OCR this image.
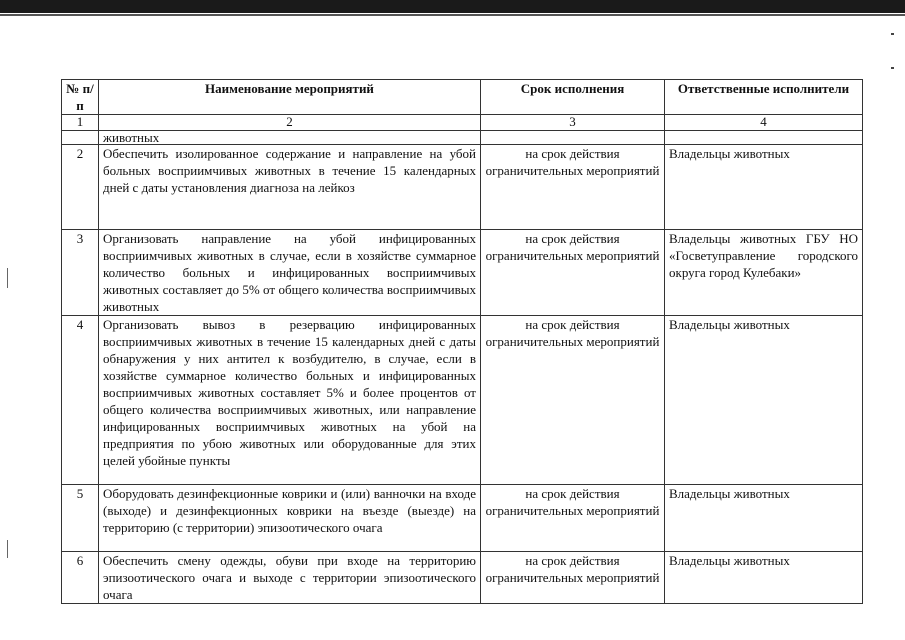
№ п/п	Наименование мероприятий	Срок исполнения	Ответственные исполнители
1	2	3	4
	животных		
2	Обеспечить изолированное содержание и направление на убой больных восприимчивых животных в течение 15 календарных дней с даты установления диагноза на лейкоз	на срок действия ограничительных мероприятий	Владельцы животных
3	Организовать направление на убой инфицированных восприимчивых животных в случае, если в хозяйстве суммарное количество больных и инфицированных восприимчивых животных составляет до 5% от общего количества восприимчивых животных	на срок действия ограничительных мероприятий	Владельцы животных ГБУ НО «Госветуправление городского округа город Кулебаки»
4	Организовать вывоз в резервацию инфицированных восприимчивых животных в течение 15 календарных дней с даты обнаружения у них антител к возбудителю, в случае, если в хозяйстве суммарное количество больных и инфицированных восприимчивых животных составляет 5% и более процентов от общего количества восприимчивых животных, или направление инфицированных восприимчивых животных на убой на предприятия по убою животных или оборудованные для этих целей убойные пункты	на срок действия ограничительных мероприятий	Владельцы животных
5	Оборудовать дезинфекционные коврики и (или) ванночки на входе (выходе) и дезинфекционных коврики на въезде (выезде) на территорию (с территории) эпизоотического очага	на срок действия ограничительных мероприятий	Владельцы животных
6	Обеспечить смену одежды, обуви при входе на территорию эпизоотического очага и выходе с территории эпизоотического очага	на срок действия ограничительных мероприятий	Владельцы животных
